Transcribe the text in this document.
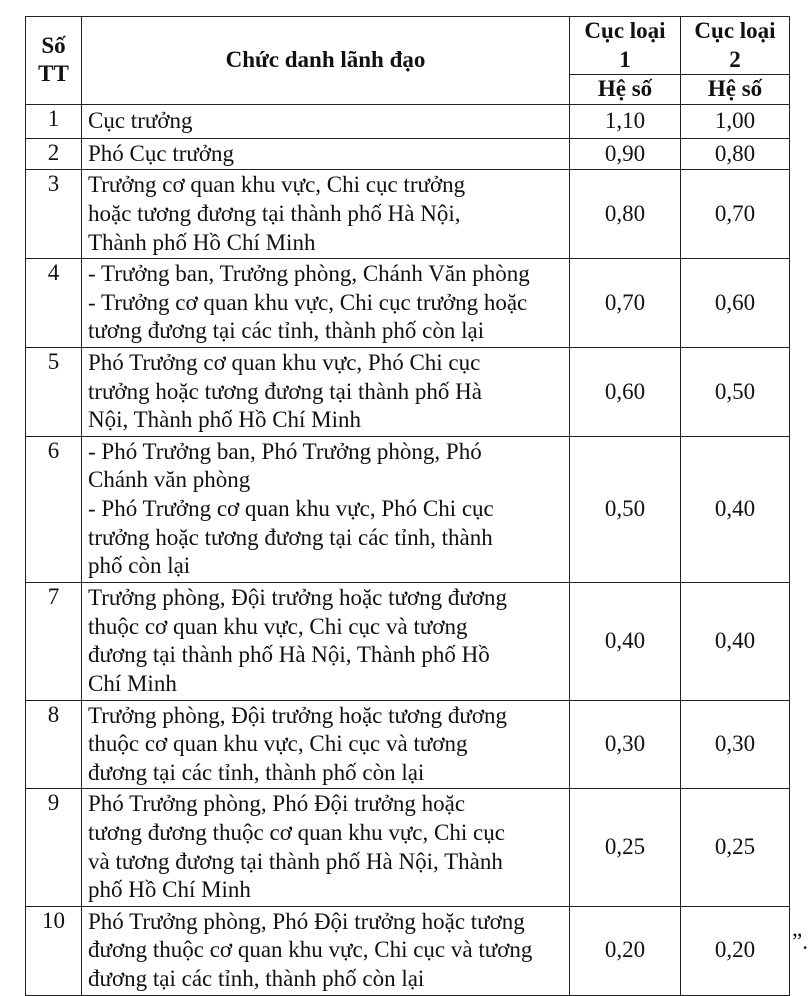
Số
TT	Chức danh lãnh đạo	Cục loại 1	Cục loại 2
		Hệ số	Hệ số
1	Cục trưởng	1,10	1,00
2	Phó Cục trưởng	0,90	0,80
3	Trưởng cơ quan khu vực, Chi cục trưởng
hoặc tương đương tại thành phố Hà Nội,
Thành phố Hồ Chí Minh	0,80	0,70
4	- Trưởng ban, Trưởng phòng, Chánh Văn phòng
- Trưởng cơ quan khu vực, Chi cục trưởng hoặc
tương đương tại các tỉnh, thành phố còn lại	0,70	0,60
5	Phó Trưởng cơ quan khu vực, Phó Chi cục
trưởng hoặc tương đương tại thành phố Hà
Nội, Thành phố Hồ Chí Minh	0,60	0,50
6	- Phó Trưởng ban, Phó Trưởng phòng, Phó
Chánh văn phòng
- Phó Trưởng cơ quan khu vực, Phó Chi cục
trưởng hoặc tương đương tại các tỉnh, thành
phố còn lại	0,50	0,40
7	Trưởng phòng, Đội trưởng hoặc tương đương
thuộc cơ quan khu vực, Chi cục và tương
đương tại thành phố Hà Nội, Thành phố Hồ
Chí Minh	0,40	0,40
8	Trưởng phòng, Đội trưởng hoặc tương đương
thuộc cơ quan khu vực, Chi cục và tương
đương tại các tỉnh, thành phố còn lại	0,30	0,30
9	Phó Trưởng phòng, Phó Đội trưởng hoặc
tương đương thuộc cơ quan khu vực, Chi cục
và tương đương tại thành phố Hà Nội, Thành
phố Hồ Chí Minh	0,25	0,25
10	Phó Trưởng phòng, Phó Đội trưởng hoặc tương
đương thuộc cơ quan khu vực, Chi cục và tương
đương tại các tỉnh, thành phố còn lại	0,20	0,20 ”.
